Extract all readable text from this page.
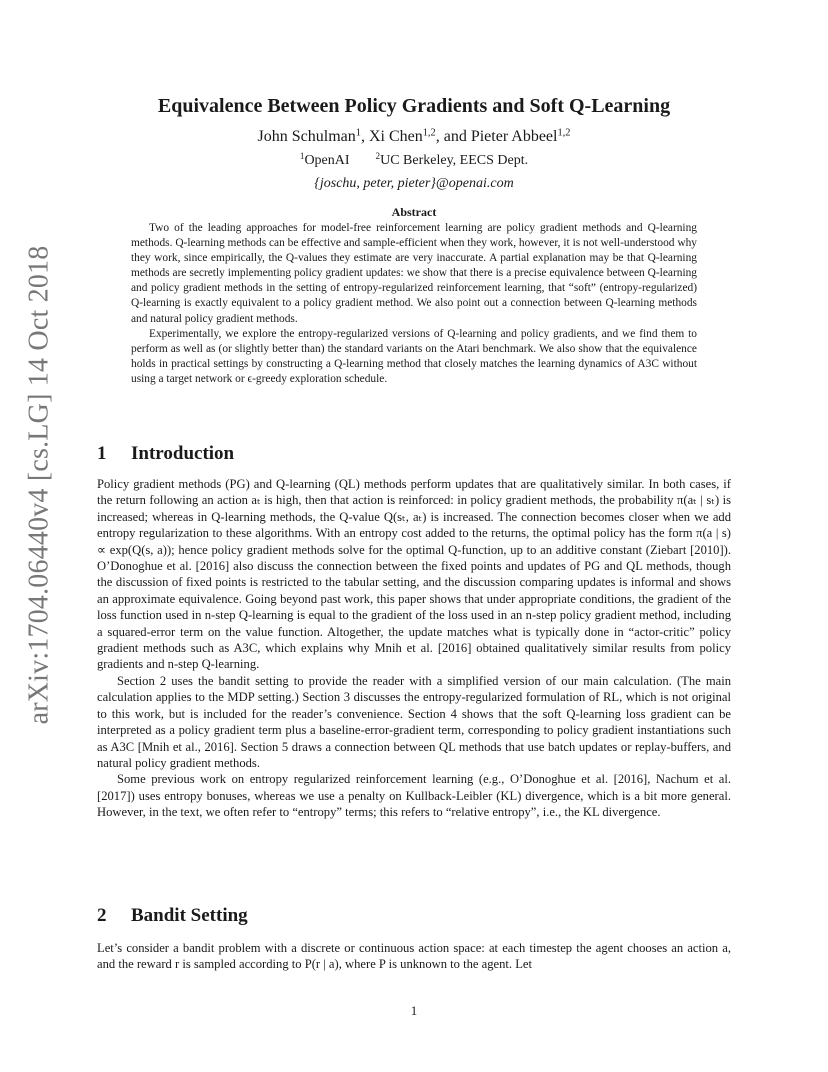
arXiv:1704.06440v4 [cs.LG] 14 Oct 2018
Equivalence Between Policy Gradients and Soft Q-Learning
John Schulman$^1$, Xi Chen$^{1,2}$, and Pieter Abbeel$^{1,2}$
$^1$OpenAI	$^2$UC Berkeley, EECS Dept.
{joschu, peter, pieter}@openai.com
Abstract

Two of the leading approaches for model-free reinforcement learning are policy gradient methods and Q-learning methods. Q-learning methods can be effective and sample-efficient when they work, however, it is not well-understood why they work, since empirically, the Q-values they estimate are very inaccurate. A partial explanation may be that Q-learning methods are secretly implementing policy gradient updates: we show that there is a precise equivalence between Q-learning and policy gradient methods in the setting of entropy-regularized reinforcement learning, that “soft” (entropy-regularized) Q-learning is exactly equivalent to a policy gradient method. We also point out a connection between Q-learning methods and natural policy gradient methods.

Experimentally, we explore the entropy-regularized versions of Q-learning and policy gradients, and we find them to perform as well as (or slightly better than) the standard variants on the Atari benchmark. We also show that the equivalence holds in practical settings by constructing a Q-learning method that closely matches the learning dynamics of A3C without using a target network or ϵ-greedy exploration schedule.

1 Introduction

Policy gradient methods (PG) and Q-learning (QL) methods perform updates that are qualitatively similar. In both cases, if the return following an action aₜ is high, then that action is reinforced: in policy gradient methods, the probability π(aₜ | sₜ) is increased; whereas in Q-learning methods, the Q-value Q(sₜ, aₜ) is increased. The connection becomes closer when we add entropy regularization to these algorithms. With an entropy cost added to the returns, the optimal policy has the form π(a | s) ∝ exp(Q(s, a)); hence policy gradient methods solve for the optimal Q-function, up to an additive constant (Ziebart [2010]). O’Donoghue et al. [2016] also discuss the connection between the fixed points and updates of PG and QL methods, though the discussion of fixed points is restricted to the tabular setting, and the discussion comparing updates is informal and shows an approximate equivalence. Going beyond past work, this paper shows that under appropriate conditions, the gradient of the loss function used in n-step Q-learning is equal to the gradient of the loss used in an n-step policy gradient method, including a squared-error term on the value function. Altogether, the update matches what is typically done in “actor-critic” policy gradient methods such as A3C, which explains why Mnih et al. [2016] obtained qualitatively similar results from policy gradients and n-step Q-learning.

Section 2 uses the bandit setting to provide the reader with a simplified version of our main calculation. (The main calculation applies to the MDP setting.) Section 3 discusses the entropy-regularized formulation of RL, which is not original to this work, but is included for the reader’s convenience. Section 4 shows that the soft Q-learning loss gradient can be interpreted as a policy gradient term plus a baseline-error-gradient term, corresponding to policy gradient instantiations such as A3C [Mnih et al., 2016]. Section 5 draws a connection between QL methods that use batch updates or replay-buffers, and natural policy gradient methods.

Some previous work on entropy regularized reinforcement learning (e.g., O’Donoghue et al. [2016], Nachum et al. [2017]) uses entropy bonuses, whereas we use a penalty on Kullback-Leibler (KL) divergence, which is a bit more general. However, in the text, we often refer to “entropy” terms; this refers to “relative entropy”, i.e., the KL divergence.

2 Bandit Setting

Let’s consider a bandit problem with a discrete or continuous action space: at each timestep the agent chooses an action a, and the reward r is sampled according to P(r | a), where P is unknown to the agent. Let

1
